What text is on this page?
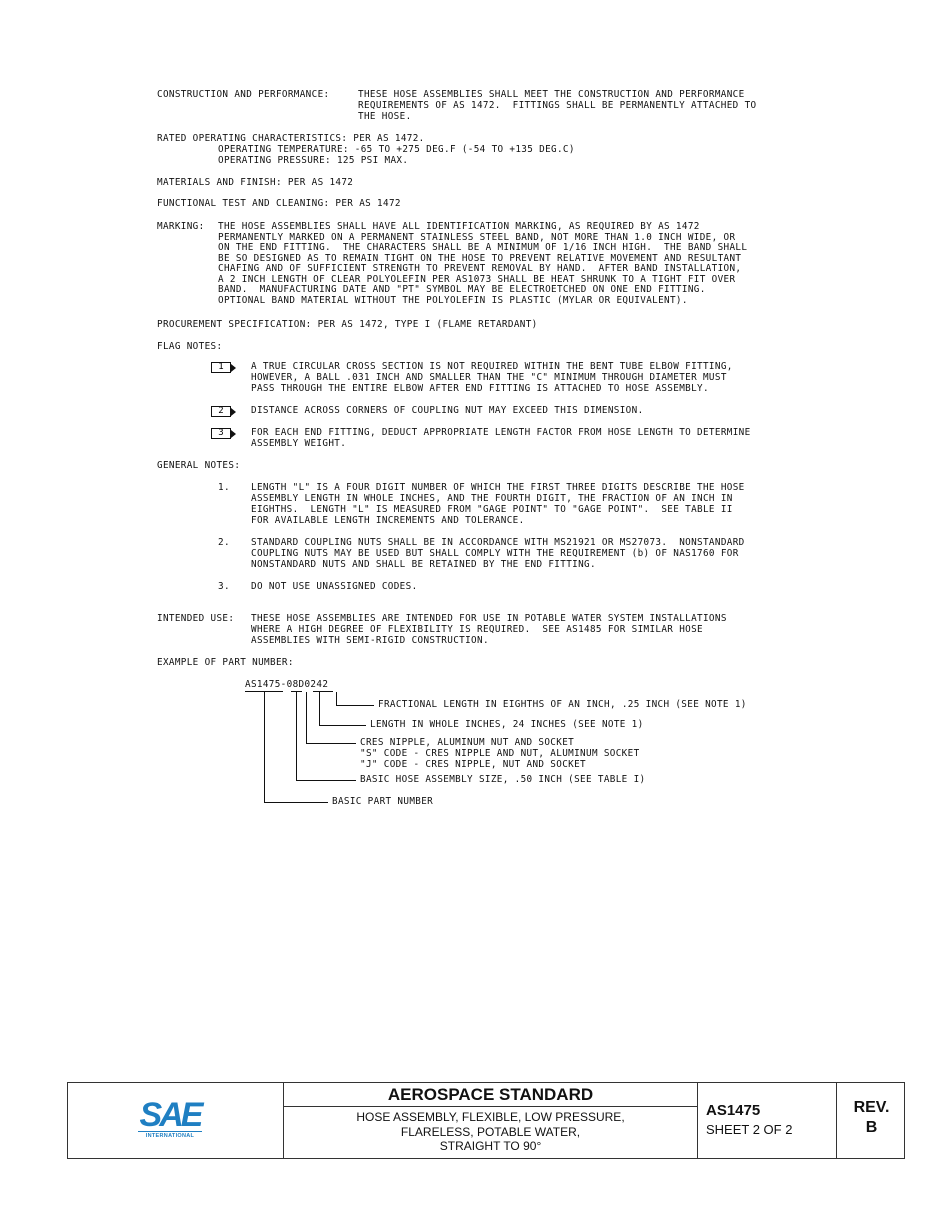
CONSTRUCTION AND PERFORMANCE:	THESE HOSE ASSEMBLIES SHALL MEET THE CONSTRUCTION AND PERFORMANCE
REQUIREMENTS OF AS 1472.  FITTINGS SHALL BE PERMANENTLY ATTACHED TO
THE HOSE.
RATED OPERATING CHARACTERISTICS: PER AS 1472.
OPERATING TEMPERATURE: -65 TO +275 DEG.F (-54 TO +135 DEG.C)
OPERATING PRESSURE: 125 PSI MAX.
MATERIALS AND FINISH: PER AS 1472
FUNCTIONAL TEST AND CLEANING: PER AS 1472
MARKING: THE HOSE ASSEMBLIES SHALL HAVE ALL IDENTIFICATION MARKING, AS REQUIRED BY AS 1472
PERMANENTLY MARKED ON A PERMANENT STAINLESS STEEL BAND, NOT MORE THAN 1.0 INCH WIDE, OR
ON THE END FITTING.  THE CHARACTERS SHALL BE A MINIMUM OF 1/16 INCH HIGH.  THE BAND SHALL
BE SO DESIGNED AS TO REMAIN TIGHT ON THE HOSE TO PREVENT RELATIVE MOVEMENT AND RESULTANT
CHAFING AND OF SUFFICIENT STRENGTH TO PREVENT REMOVAL BY HAND.  AFTER BAND INSTALLATION,
A 2 INCH LENGTH OF CLEAR POLYOLEFIN PER AS1073 SHALL BE HEAT SHRUNK TO A TIGHT FIT OVER
BAND.  MANUFACTURING DATE AND "PT" SYMBOL MAY BE ELECTROETCHED ON ONE END FITTING.
OPTIONAL BAND MATERIAL WITHOUT THE POLYOLEFIN IS PLASTIC (MYLAR OR EQUIVALENT).
PROCUREMENT SPECIFICATION: PER AS 1472, TYPE I (FLAME RETARDANT)
FLAG NOTES:
1	A TRUE CIRCULAR CROSS SECTION IS NOT REQUIRED WITHIN THE BENT TUBE ELBOW FITTING,
HOWEVER, A BALL .031 INCH AND SMALLER THAN THE "C" MINIMUM THROUGH DIAMETER MUST
PASS THROUGH THE ENTIRE ELBOW AFTER END FITTING IS ATTACHED TO HOSE ASSEMBLY.
2	DISTANCE ACROSS CORNERS OF COUPLING NUT MAY EXCEED THIS DIMENSION.
3	FOR EACH END FITTING, DEDUCT APPROPRIATE LENGTH FACTOR FROM HOSE LENGTH TO DETERMINE
ASSEMBLY WEIGHT.
GENERAL NOTES:
1. LENGTH "L" IS A FOUR DIGIT NUMBER OF WHICH THE FIRST THREE DIGITS DESCRIBE THE HOSE
ASSEMBLY LENGTH IN WHOLE INCHES, AND THE FOURTH DIGIT, THE FRACTION OF AN INCH IN
EIGHTHS.  LENGTH "L" IS MEASURED FROM "GAGE POINT" TO "GAGE POINT".  SEE TABLE II
FOR AVAILABLE LENGTH INCREMENTS AND TOLERANCE.
2. STANDARD COUPLING NUTS SHALL BE IN ACCORDANCE WITH MS21921 OR MS27073.  NONSTANDARD
COUPLING NUTS MAY BE USED BUT SHALL COMPLY WITH THE REQUIREMENT (b) OF NAS1760 FOR
NONSTANDARD NUTS AND SHALL BE RETAINED BY THE END FITTING.
3. DO NOT USE UNASSIGNED CODES.
INTENDED USE: THESE HOSE ASSEMBLIES ARE INTENDED FOR USE IN POTABLE WATER SYSTEM INSTALLATIONS
WHERE A HIGH DEGREE OF FLEXIBILITY IS REQUIRED.  SEE AS1485 FOR SIMILAR HOSE
ASSEMBLIES WITH SEMI-RIGID CONSTRUCTION.
EXAMPLE OF PART NUMBER:
AS1475-08D0242
FRACTIONAL LENGTH IN EIGHTHS OF AN INCH, .25 INCH (SEE NOTE 1)
LENGTH IN WHOLE INCHES, 24 INCHES (SEE NOTE 1)
CRES NIPPLE, ALUMINUM NUT AND SOCKET
"S" CODE - CRES NIPPLE AND NUT, ALUMINUM SOCKET
"J" CODE - CRES NIPPLE, NUT AND SOCKET
BASIC HOSE ASSEMBLY SIZE, .50 INCH (SEE TABLE I)
BASIC PART NUMBER
SAE
INTERNATIONAL
AEROSPACE STANDARD
HOSE ASSEMBLY, FLEXIBLE, LOW PRESSURE,
FLARELESS, POTABLE WATER,
STRAIGHT TO 90°
AS1475
SHEET 2 OF 2
REV.
B
